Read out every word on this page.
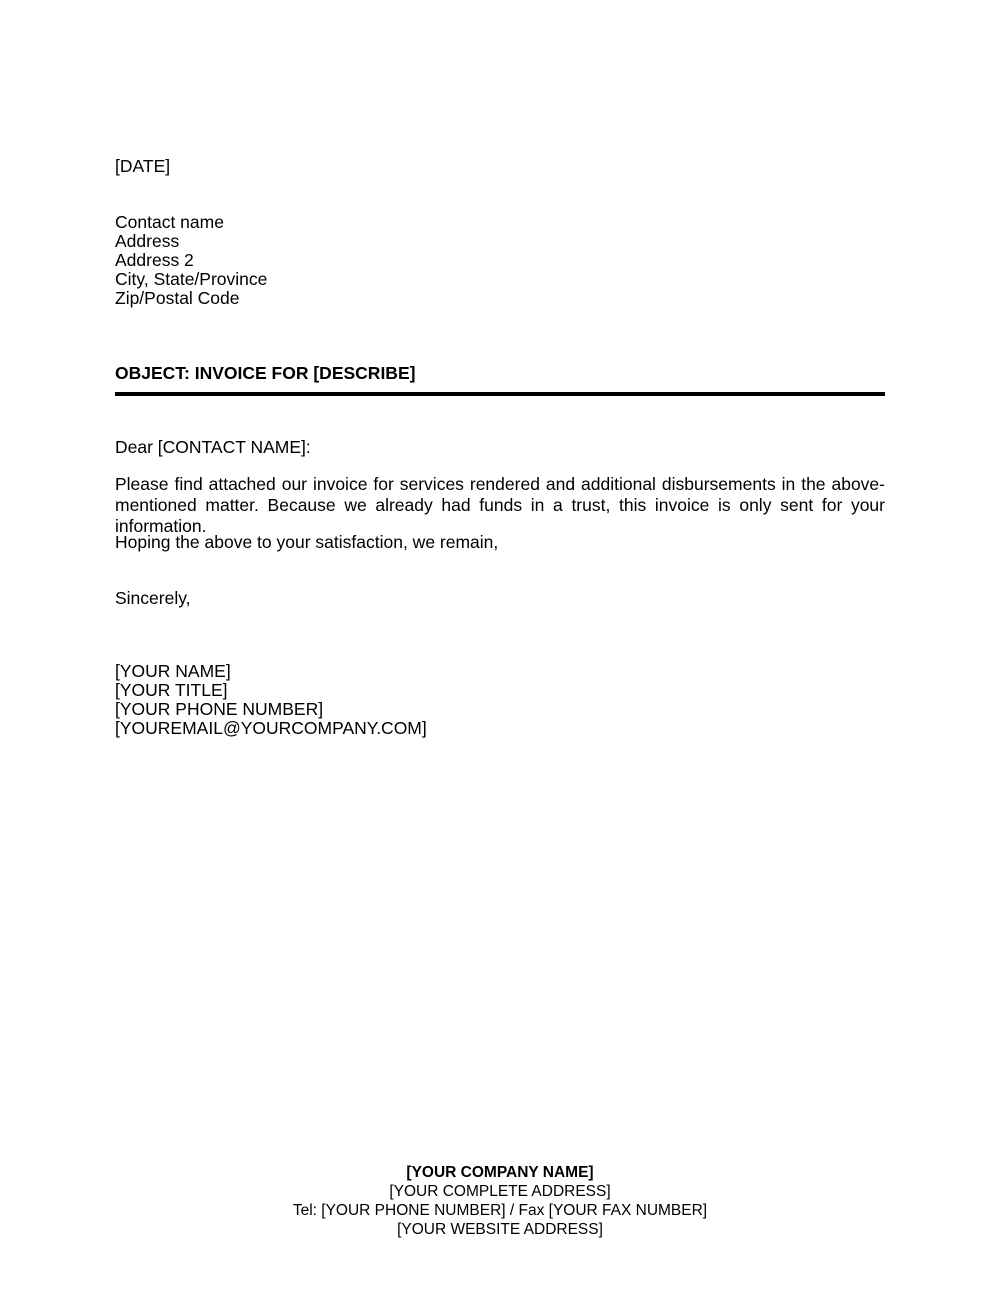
[DATE]
Contact name
Address
Address 2
City, State/Province
Zip/Postal Code
OBJECT: INVOICE FOR [DESCRIBE]
Dear [CONTACT NAME]:
Please find attached our invoice for services rendered and additional disbursements in the above-mentioned matter. Because we already had funds in a trust, this invoice is only sent for your information.
Hoping the above to your satisfaction, we remain,
Sincerely,
[YOUR NAME]
[YOUR TITLE]
[YOUR PHONE NUMBER]
[YOUREMAIL@YOURCOMPANY.COM]
[YOUR COMPANY NAME]
[YOUR COMPLETE ADDRESS]
Tel: [YOUR PHONE NUMBER] / Fax [YOUR FAX NUMBER]
[YOUR WEBSITE ADDRESS]
